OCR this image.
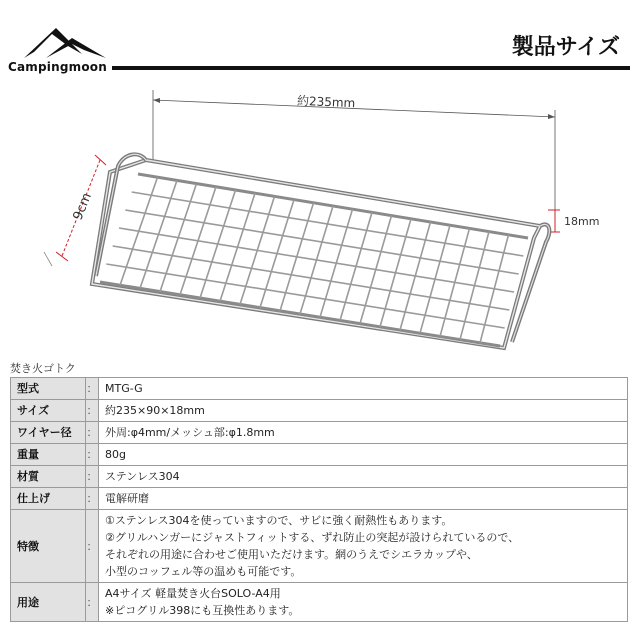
Campingmoon
製品サイズ
約235mm
9cm	18mm
焚き火ゴトク
型式	：	MTG-G
サイズ	：	約235×90×18mm
ワイヤー径	：	外周:φ4mm/メッシュ部:φ1.8mm
重量	：	80g
材質	：	ステンレス304
仕上げ	：	電解研磨
特徴	：	①ステンレス304を使っていますので、サビに強く耐熱性もあります。
②グリルハンガーにジャストフィットする、ずれ防止の突起が設けられているので、
それぞれの用途に合わせご使用いただけます。網のうえでシエラカップや、
小型のコッフェル等の温めも可能です。

用途	：	A4サイズ 軽量焚き火台SOLO-A4用
※ピコグリル398にも互換性あります。
